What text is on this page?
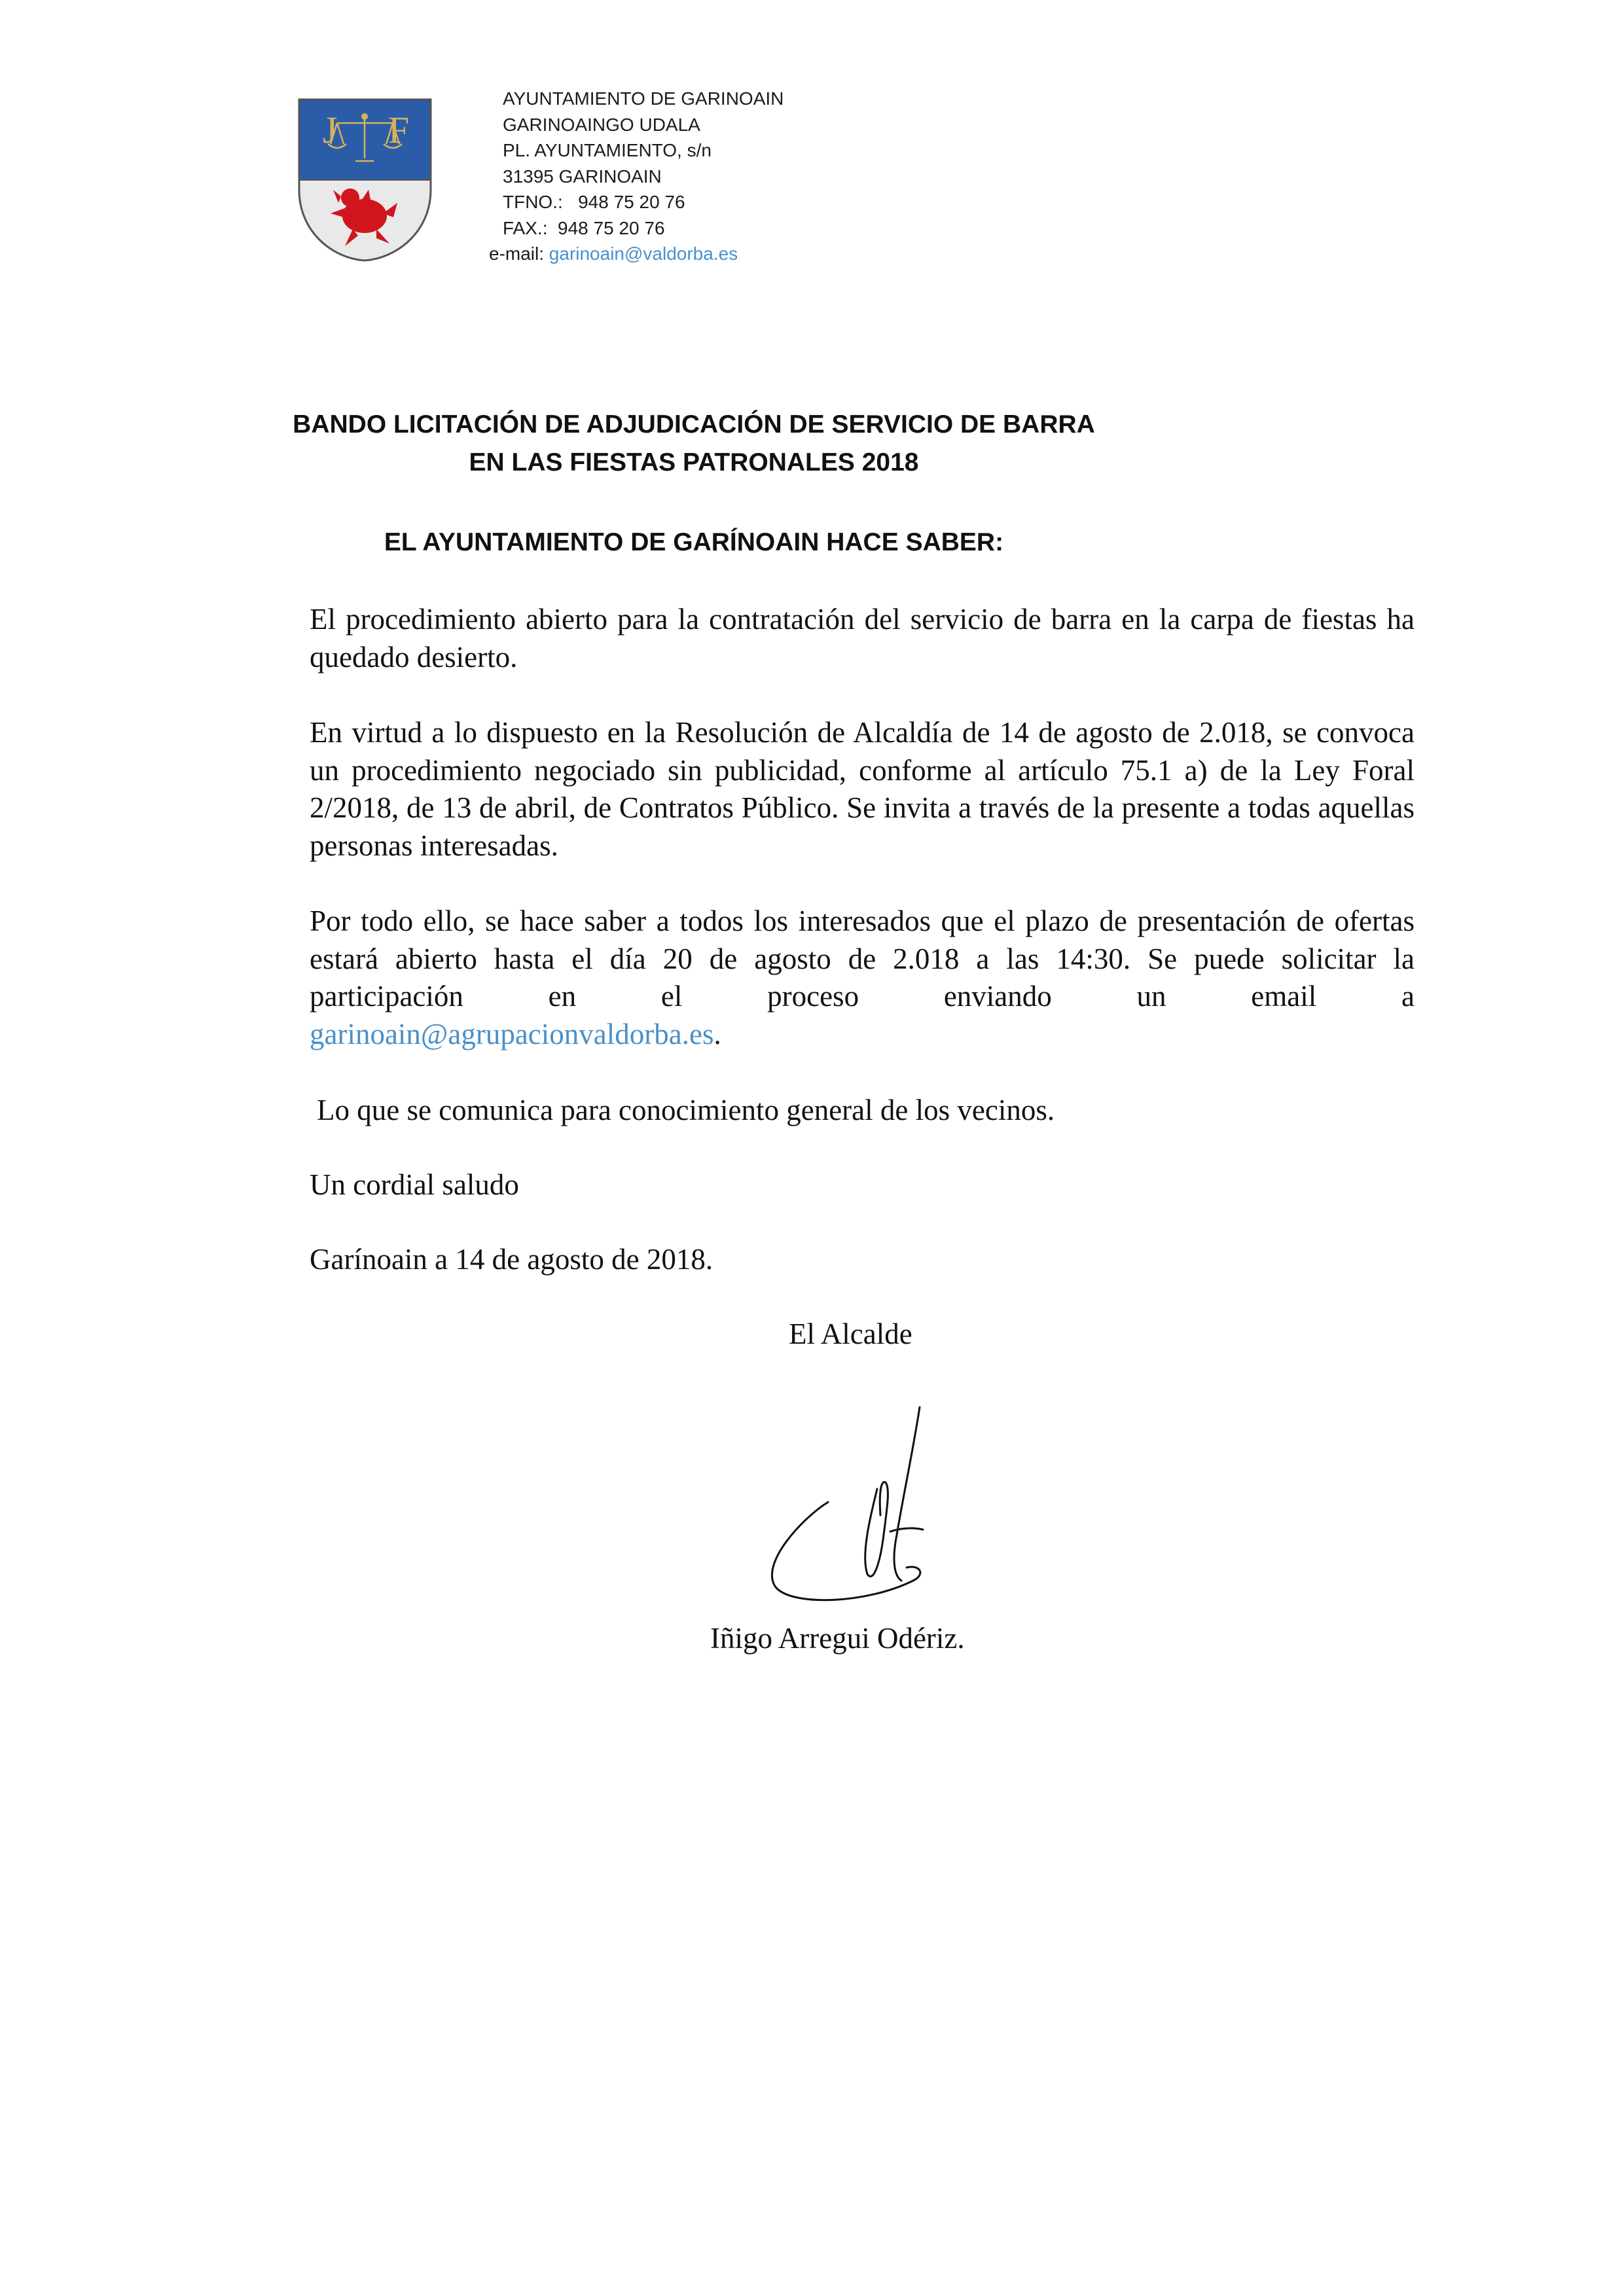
J F
AYUNTAMIENTO DE GARINOAIN
GARINOAINGO UDALA
PL. AYUNTAMIENTO, s/n
31395 GARINOAIN
TFNO.:   948 75 20 76
FAX.:  948 75 20 76
e-mail: garinoain@valdorba.es
BANDO LICITACIÓN DE ADJUDICACIÓN DE SERVICIO DE BARRA EN LAS FIESTAS PATRONALES 2018
EL AYUNTAMIENTO DE GARÍNOAIN HACE SABER:
El procedimiento abierto para la contratación del servicio de barra en la carpa de fiestas ha quedado desierto.
En virtud a lo dispuesto en la Resolución de Alcaldía de 14 de agosto de 2.018, se convoca un procedimiento negociado sin publicidad, conforme al artículo 75.1 a) de la Ley Foral 2/2018, de 13 de abril, de Contratos Público. Se invita a través de la presente a todas aquellas personas interesadas.
Por todo ello, se hace saber a todos los interesados que el plazo de presentación de ofertas estará abierto hasta el día 20 de agosto de 2.018 a las 14:30. Se puede solicitar la participación en el proceso enviando un email a
garinoain@agrupacionvaldorba.es.
Lo que se comunica para conocimiento general de los vecinos.
Un cordial saludo
Garínoain a 14 de agosto de 2018.
El Alcalde
Iñigo Arregui Odériz.
